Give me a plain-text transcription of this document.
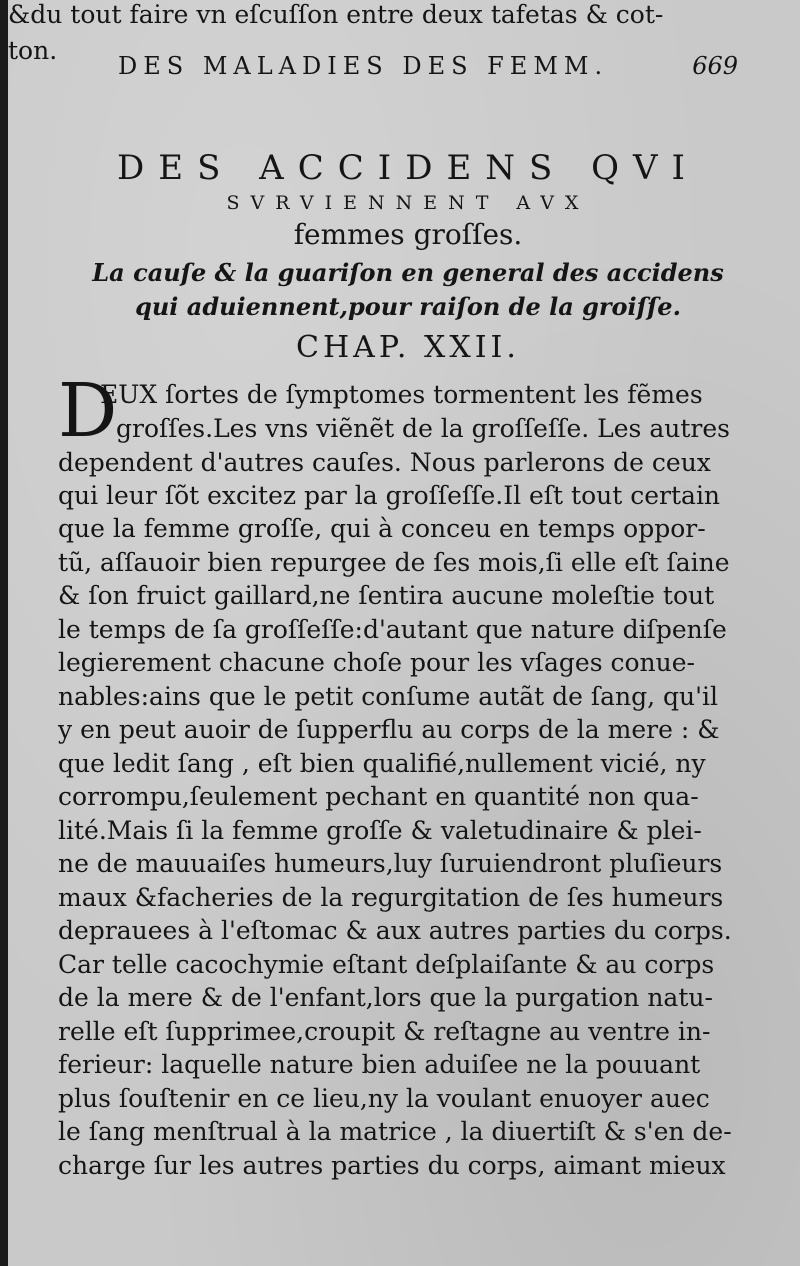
DES MALADIES DES FEMM.	669
&du tout faire vn eſcuſſon entre deux tafetas & cot-
ton.
DES ACCIDENS QVI
SVRVIENNENT AVX
femmes groſſes.
La cauſe & la guariſon en general des accidens
qui aduiennent,pour raiſon de la groiſſe.
CHAP. XXII.
D
EUX ſortes de ſymptomes tormentent les fẽmes
groſſes.Les vns viẽnẽt de la groſſeſſe. Les autres
dependent d'autres cauſes. Nous parlerons de ceux
qui leur ſõt excitez par la groſſeſſe.Il eſt tout certain
que la femme groſſe, qui à conceu en temps oppor-
tũ, aſſauoir bien repurgee de ſes mois,ſi elle eſt ſaine
& ſon fruict gaillard,ne ſentira aucune moleſtie tout
le temps de ſa groſſeſſe:d'autant que nature diſpenſe
legierement chacune choſe pour les vſages conue-
nables:ains que le petit conſume autãt de ſang, qu'il
y en peut auoir de ſupperflu au corps de la mere : &
que ledit ſang , eſt bien qualifié,nullement vicié, ny
corrompu,ſeulement pechant en quantité non qua-
lité.Mais ſi la femme groſſe & valetudinaire & plei-
ne de mauuaiſes humeurs,luy ſuruiendront pluſieurs
maux &facheries de la regurgitation de ſes humeurs
deprauees à l'eſtomac & aux autres parties du corps.
Car telle cacochymie eſtant deſplaiſante & au corps
de la mere & de l'enfant,lors que la purgation natu-
relle eſt ſupprimee,croupit & reſtagne au ventre in-
ferieur: laquelle nature bien aduiſee ne la pouuant
plus ſouſtenir en ce lieu,ny la voulant enuoyer auec
le ſang menſtrual à la matrice , la diuertiſt & s'en de-
charge ſur les autres parties du corps, aimant mieux
